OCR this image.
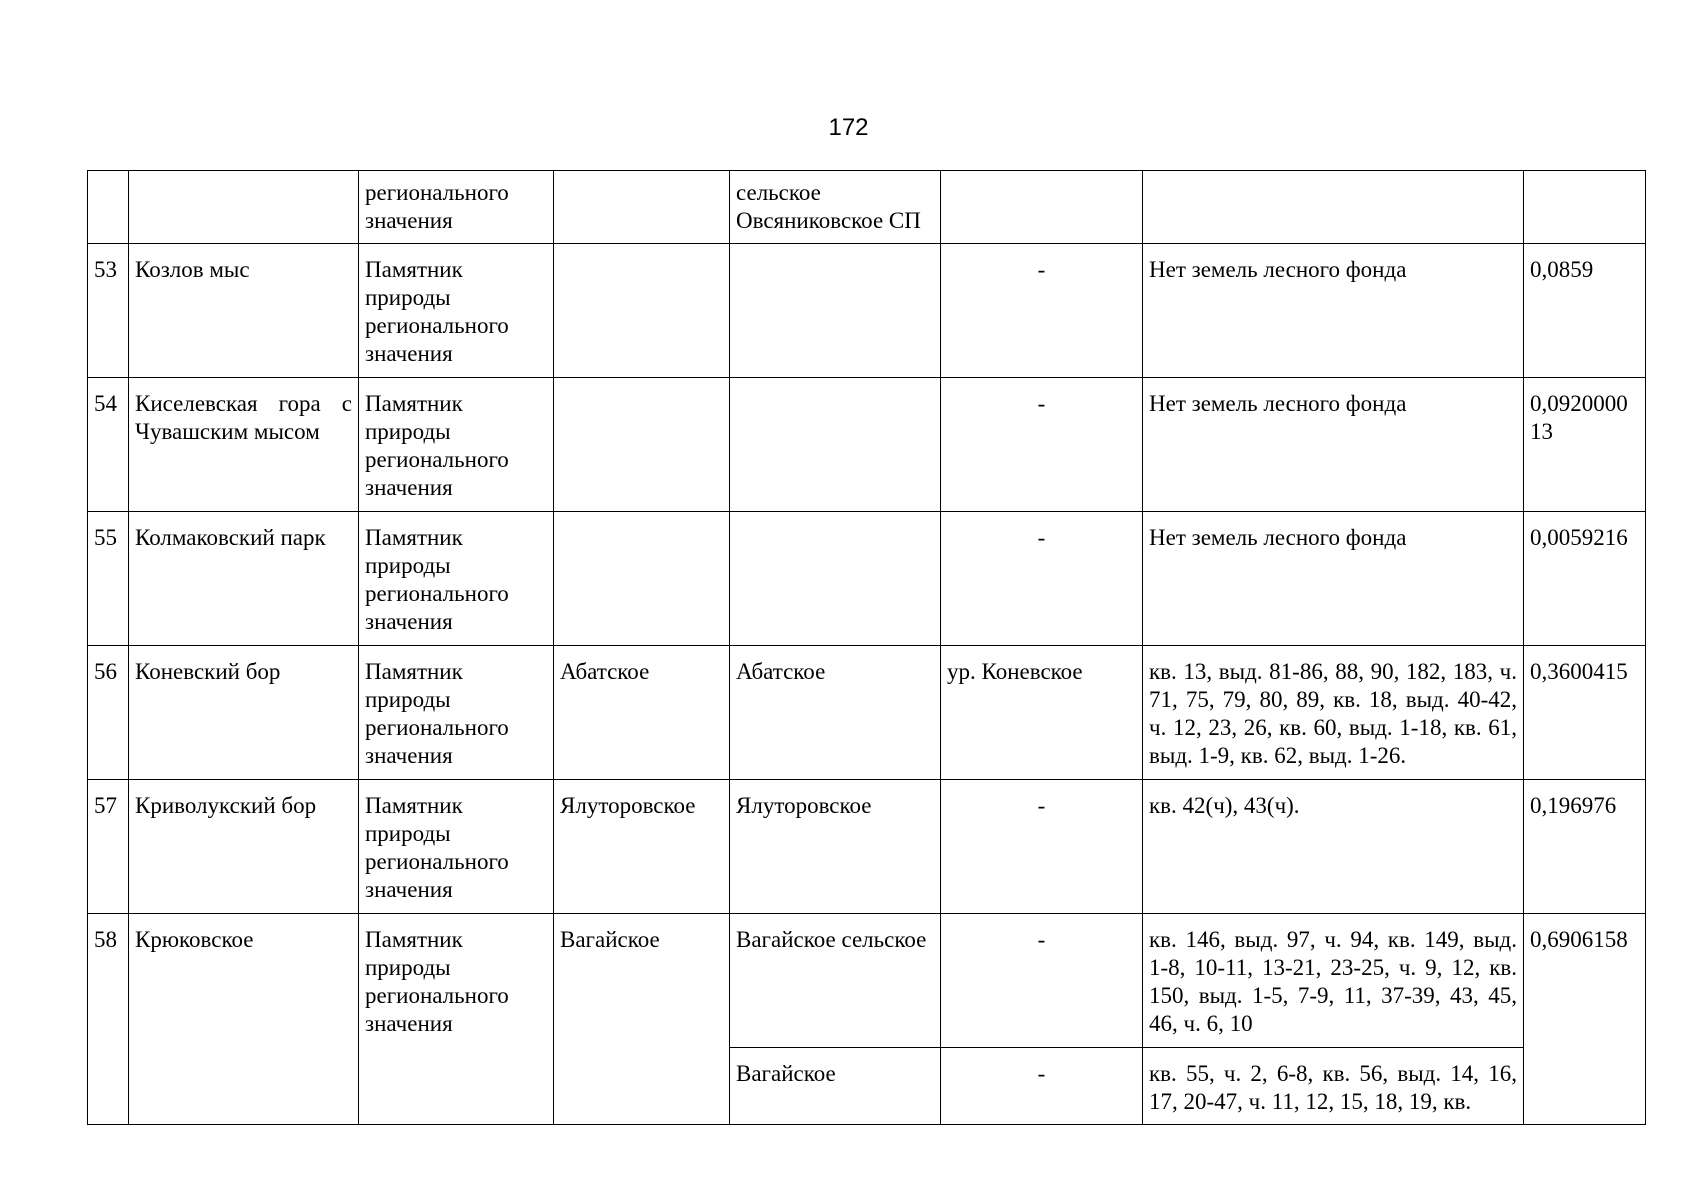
172
		регионального значения		сельское Овсяниковское СП			
53	Козлов мыс	Памятник природы регионального значения			-	Нет земель лесного фонда	0,0859
54	Киселевская гора с Чувашским мысом	Памятник природы регионального значения			-	Нет земель лесного фонда	0,092000013
55	Колмаковский парк	Памятник природы регионального значения			-	Нет земель лесного фонда	0,0059216
56	Коневский бор	Памятник природы регионального значения	Абатское	Абатское	ур. Коневское	кв. 13, выд. 81-86, 88, 90, 182, 183, ч. 71, 75, 79, 80, 89, кв. 18, выд. 40-42, ч. 12, 23, 26, кв. 60, выд. 1-18, кв. 61, выд. 1-9, кв. 62, выд. 1-26.	0,3600415
57	Криволукский бор	Памятник природы регионального значения	Ялуторовское	Ялуторовское	-	кв. 42(ч), 43(ч).	0,196976
58	Крюковское	Памятник природы регионального значения	Вагайское	Вагайское сельское	-	кв. 146, выд. 97, ч. 94, кв. 149, выд. 1-8, 10-11, 13-21, 23-25, ч. 9, 12, кв. 150, выд. 1-5, 7-9, 11, 37-39, 43, 45, 46, ч. 6, 10	0,6906158
				Вагайское	-	кв. 55, ч. 2, 6-8, кв. 56, выд. 14, 16, 17, 20-47, ч. 11, 12, 15, 18, 19, кв.	
